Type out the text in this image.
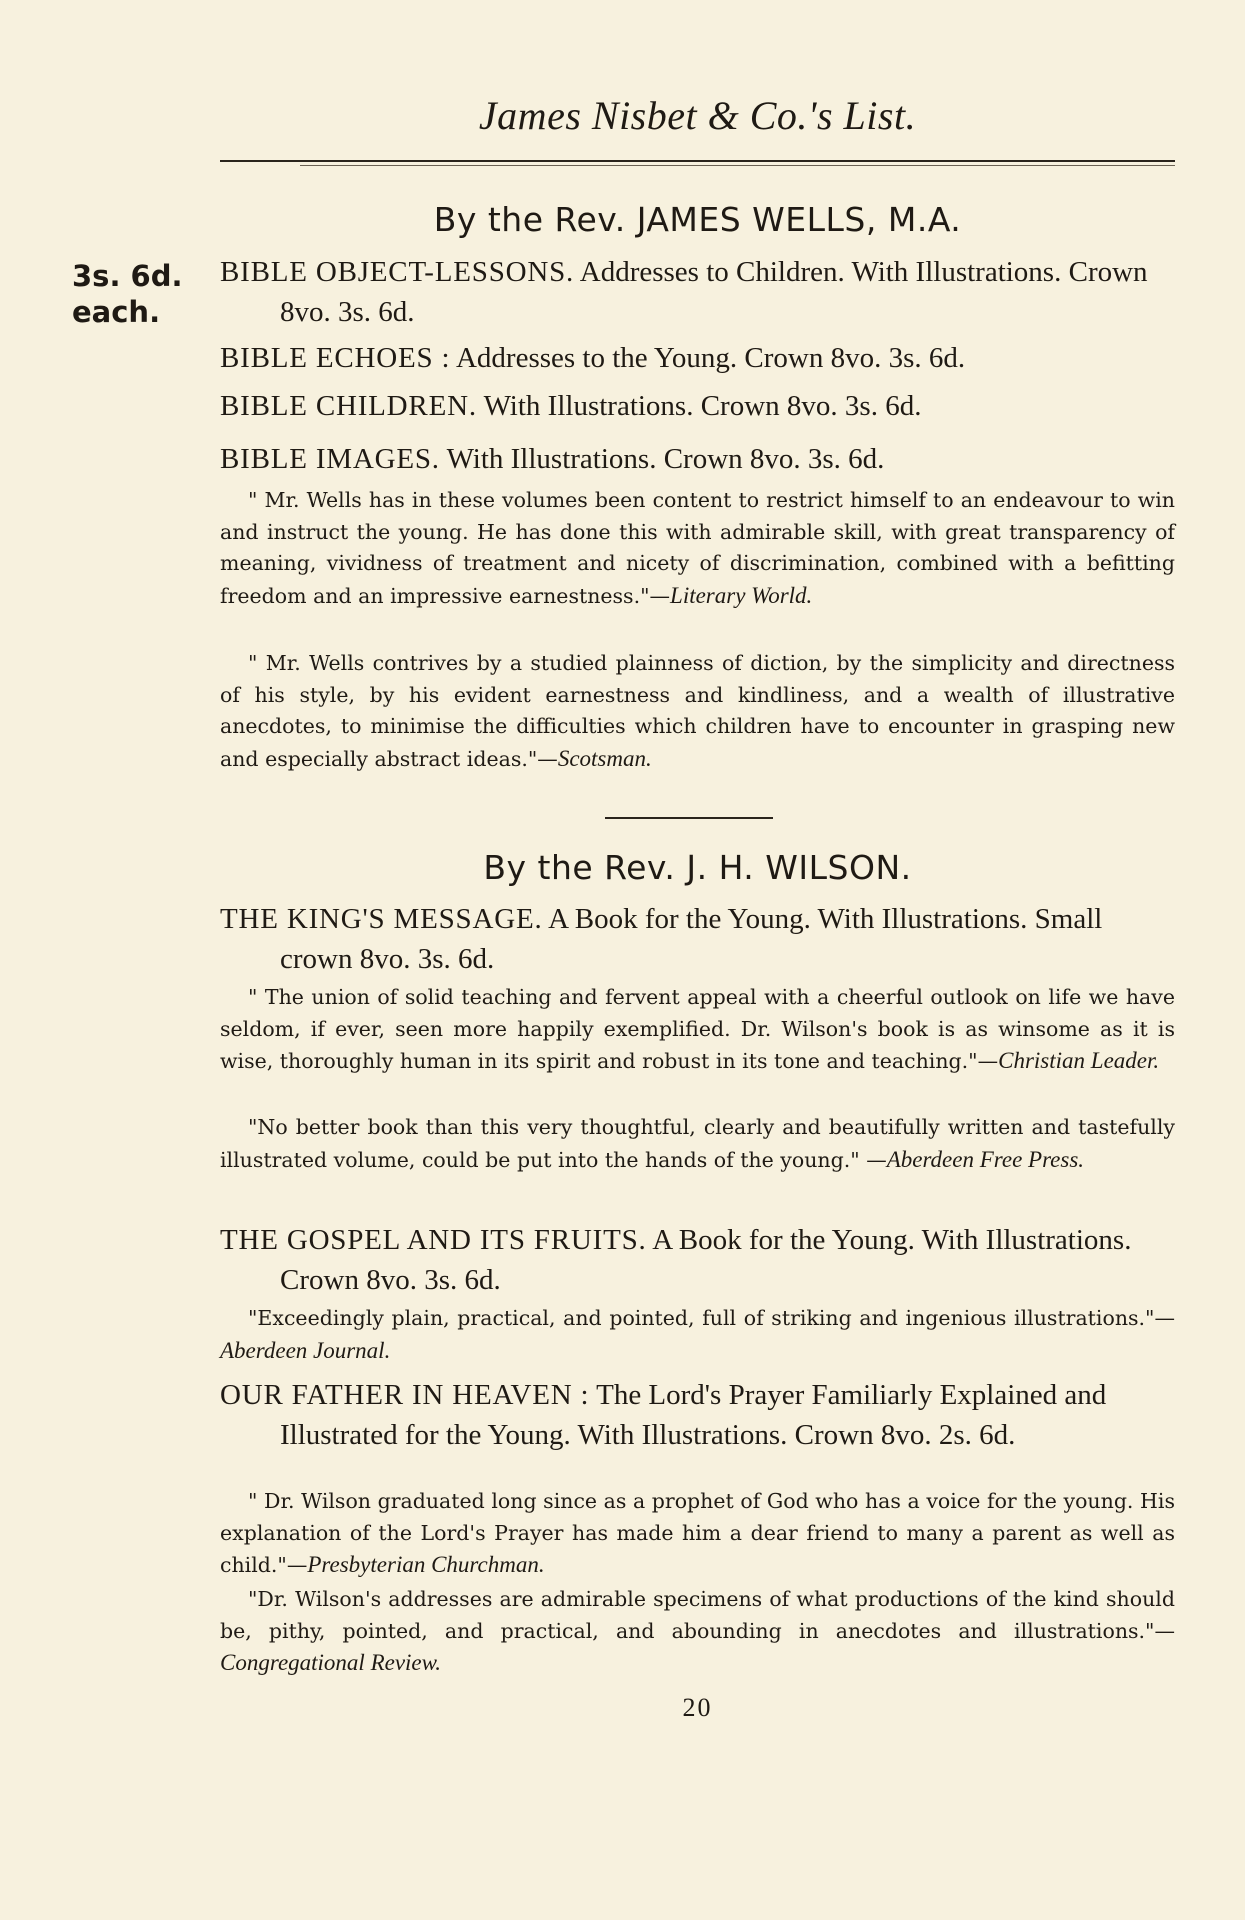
James Nisbet & Co.'s List.
By the Rev. JAMES WELLS, M.A.
3s. 6d.
each.
BIBLE OBJECT-LESSONS. Addresses to Children. With Illustrations. Crown 8vo. 3s. 6d.
BIBLE ECHOES : Addresses to the Young. Crown 8vo. 3s. 6d.
BIBLE CHILDREN. With Illustrations. Crown 8vo. 3s. 6d.
BIBLE IMAGES. With Illustrations. Crown 8vo. 3s. 6d.
" Mr. Wells has in these volumes been content to restrict himself to an endeavour to win and instruct the young. He has done this with admirable skill, with great transparency of meaning, vividness of treatment and nicety of discrimination, combined with a befitting freedom and an impressive earnestness."—Literary World.
" Mr. Wells contrives by a studied plainness of diction, by the simplicity and directness of his style, by his evident earnestness and kindliness, and a wealth of illustrative anecdotes, to minimise the difficulties which children have to encounter in grasping new and especially abstract ideas."—Scotsman.
By the Rev. J. H. WILSON.
THE KING'S MESSAGE. A Book for the Young. With Illustrations. Small crown 8vo. 3s. 6d.
" The union of solid teaching and fervent appeal with a cheerful outlook on life we have seldom, if ever, seen more happily exemplified. Dr. Wilson's book is as winsome as it is wise, thoroughly human in its spirit and robust in its tone and teaching."—Christian Leader.
"No better book than this very thoughtful, clearly and beautifully written and tastefully illustrated volume, could be put into the hands of the young." —Aberdeen Free Press.
THE GOSPEL AND ITS FRUITS. A Book for the Young. With Illustrations. Crown 8vo. 3s. 6d.
"Exceedingly plain, practical, and pointed, full of striking and ingenious illustrations."—Aberdeen Journal.
OUR FATHER IN HEAVEN : The Lord's Prayer Familiarly Explained and Illustrated for the Young. With Illustrations. Crown 8vo. 2s. 6d.
" Dr. Wilson graduated long since as a prophet of God who has a voice for the young. His explanation of the Lord's Prayer has made him a dear friend to many a parent as well as child."—Presbyterian Churchman.
"Dr. Wilson's addresses are admirable specimens of what productions of the kind should be, pithy, pointed, and practical, and abounding in anecdotes and illustrations."—Congregational Review.
20
